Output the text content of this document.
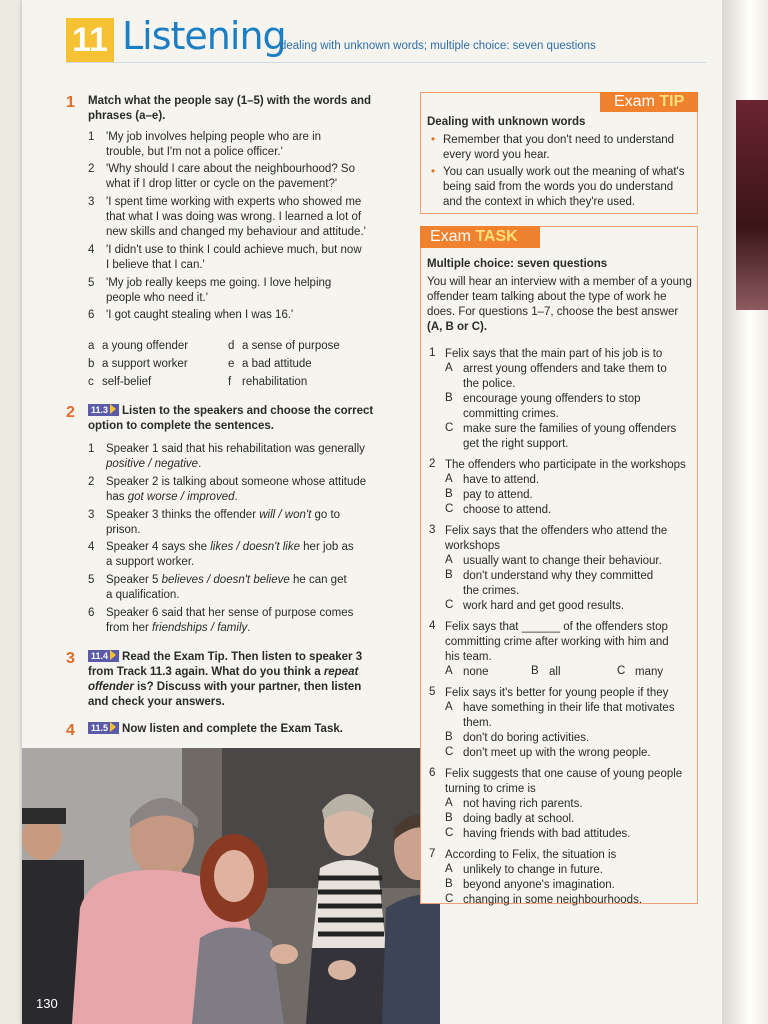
11 Listening
dealing with unknown words; multiple choice: seven questions
1 Match what the people say (1–5) with the words and phrases (a–e).
1 'My job involves helping people who are in
trouble, but I'm not a police officer.'
2 'Why should I care about the neighbourhood? So
what if I drop litter or cycle on the pavement?'
3 'I spent time working with experts who showed me
that what I was doing was wrong. I learned a lot of
new skills and changed my behaviour and attitude.'
4 'I didn't use to think I could achieve much, but now
I believe that I can.'
5 'My job really keeps me going. I love helping
people who need it.'
6 'I got caught stealing when I was 16.'
a a young offender	d a sense of purpose
b a support worker	e a bad attitude
c self-belief	f rehabilitation
2	11.3 Listen to the speakers and choose the correct
option to complete the sentences.
1 Speaker 1 said that his rehabilitation was generally
positive / negative.
2 Speaker 2 is talking about someone whose attitude
has got worse / improved.
3 Speaker 3 thinks the offender will / won't go to
prison.
4 Speaker 4 says she likes / doesn't like her job as
a support worker.
5 Speaker 5 believes / doesn't believe he can get
a qualification.
6 Speaker 6 said that her sense of purpose comes
from her friendships / family.
3	11.4 Read the Exam Tip. Then listen to speaker 3
from Track 11.3 again. What do you think a repeat
offender is? Discuss with your partner, then listen
and check your answers.
4	11.5 Now listen and complete the Exam Task.
130
Dealing with unknown words
• Remember that you don't need to understand
every word you hear.
• You can usually work out the meaning of what's
being said from the words you do understand
and the context in which they're used.
Exam TIP
Multiple choice: seven questions
You will hear an interview with a member of a young
offender team talking about the type of work he
does. For questions 1–7, choose the best answer
(A, B or C).
1 Felix says that the main part of his job is to
A arrest young offenders and take them to
the police.
B encourage young offenders to stop
committing crimes.
C make sure the families of young offenders
get the right support.
2 The offenders who participate in the workshops
A have to attend.
B pay to attend.
C choose to attend.
3 Felix says that the offenders who attend the
workshops
A usually want to change their behaviour.
B don't understand why they committed
the crimes.
C work hard and get good results.
4 Felix says that ______ of the offenders stop
committing crime after working with him and
his team.
A none	B all	C many
5 Felix says it's better for young people if they
A have something in their life that motivates
them.
B don't do boring activities.
C don't meet up with the wrong people.
6 Felix suggests that one cause of young people
turning to crime is
A not having rich parents.
B doing badly at school.
C having friends with bad attitudes.
7 According to Felix, the situation is
A unlikely to change in future.
B beyond anyone's imagination.
C changing in some neighbourhoods.
Exam TASK
